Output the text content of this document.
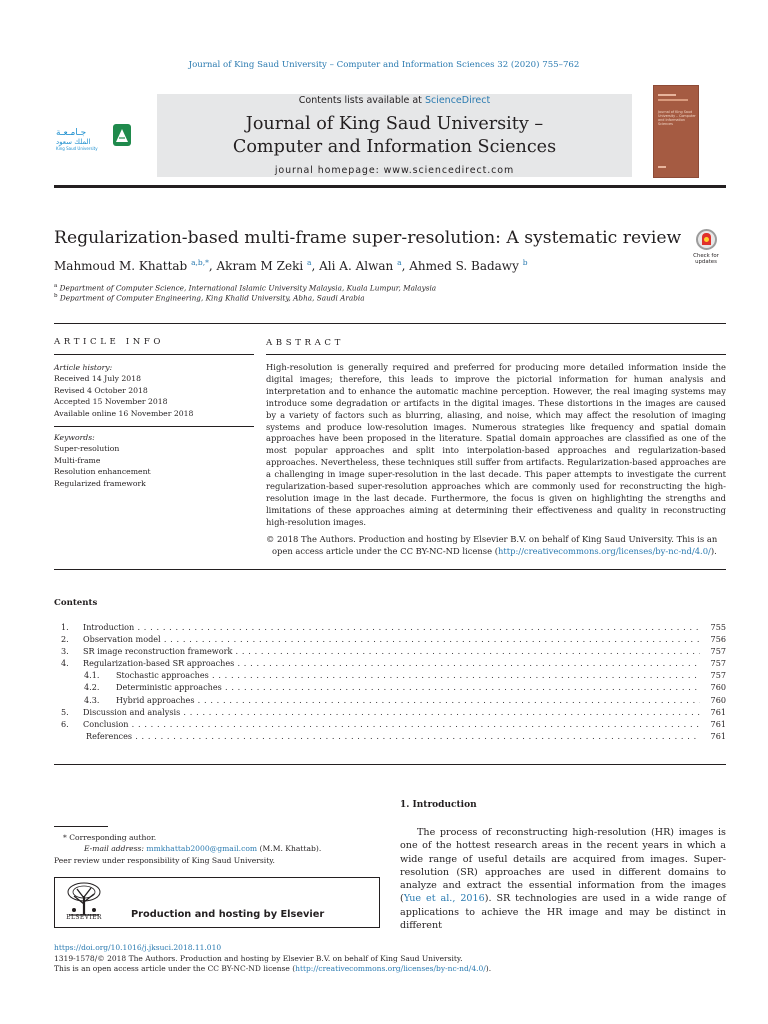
Journal of King Saud University – Computer and Information Sciences 32 (2020) 755–762
Contents lists available at ScienceDirect
Journal of King Saud University –
Computer and Information Sciences
journal homepage: www.sciencedirect.com
جـامـعـة
الملك سعود
King Saud University
Journal of King Saud University – Computer and Information Sciences
Regularization-based multi-frame super-resolution: A systematic review
Check for updates
Mahmoud M. Khattab $^{a,b,*}$, Akram M Zeki $^a$, Ali A. Alwan $^a$, Ahmed S. Badawy $^b$
$^a$ Department of Computer Science, International Islamic University Malaysia, Kuala Lumpur, Malaysia
$^b$ Department of Computer Engineering, King Khalid University, Abha, Saudi Arabia
ARTICLE INFO
Article history:
Received 14 July 2018
Revised 4 October 2018
Accepted 15 November 2018
Available online 16 November 2018
Keywords:
Super-resolution
Multi-frame
Resolution enhancement
Regularized framework
ABSTRACT
High-resolution is generally required and preferred for producing more detailed information inside the digital images; therefore, this leads to improve the pictorial information for human analysis and interpretation and to enhance the automatic machine perception. However, the real imaging systems may introduce some degradation or artifacts in the digital images. These distortions in the images are caused by a variety of factors such as blurring, aliasing, and noise, which may affect the resolution of imaging systems and produce low-resolution images. Numerous strategies like frequency and spatial domain approaches have been proposed in the literature. Spatial domain approaches are classified as one of the most popular approaches and split into interpolation-based approaches and regularization-based approaches. Nevertheless, these techniques still suffer from artifacts. Regularization-based approaches are a challenging in image super-resolution in the last decade. This paper attempts to investigate the current regularization-based super-resolution approaches which are commonly used for reconstructing the high-resolution image in the last decade. Furthermore, the focus is given on highlighting the strengths and limitations of these approaches aiming at determining their effectiveness and quality in reconstructing high-resolution images.
© 2018 The Authors. Production and hosting by Elsevier B.V. on behalf of King Saud University. This is an
open access article under the CC BY-NC-ND license (http://creativecommons.org/licenses/by-nc-nd/4.0/).
Contents
1.	Introduction . . .	755
2.	Observation model . . .	756
3.	SR image reconstruction framework . . .	757
4.	Regularization-based SR approaches . . .	757
4.1.	Stochastic approaches . . .	757
4.2.	Deterministic approaches . . .	760
4.3.	Hybrid approaches . . .	760
5.	Discussion and analysis . . .	761
6.	Conclusion . . .	761
References . . .	761
1. Introduction
The process of reconstructing high-resolution (HR) images is one of the hottest research areas in the recent years in which a wide range of useful details are acquired from images. Super-resolution (SR) approaches are used in different domains to analyze and extract the essential information from the images (Yue et al., 2016). SR technologies are used in a wide range of applications to achieve the HR image and may be distinct in different
* Corresponding author.
E-mail address: mmkhattab2000@gmail.com (M.M. Khattab).
Peer review under responsibility of King Saud University.
ELSEVIER	Production and hosting by Elsevier
https://doi.org/10.1016/j.jksuci.2018.11.010
1319-1578/© 2018 The Authors. Production and hosting by Elsevier B.V. on behalf of King Saud University.
This is an open access article under the CC BY-NC-ND license (http://creativecommons.org/licenses/by-nc-nd/4.0/).
